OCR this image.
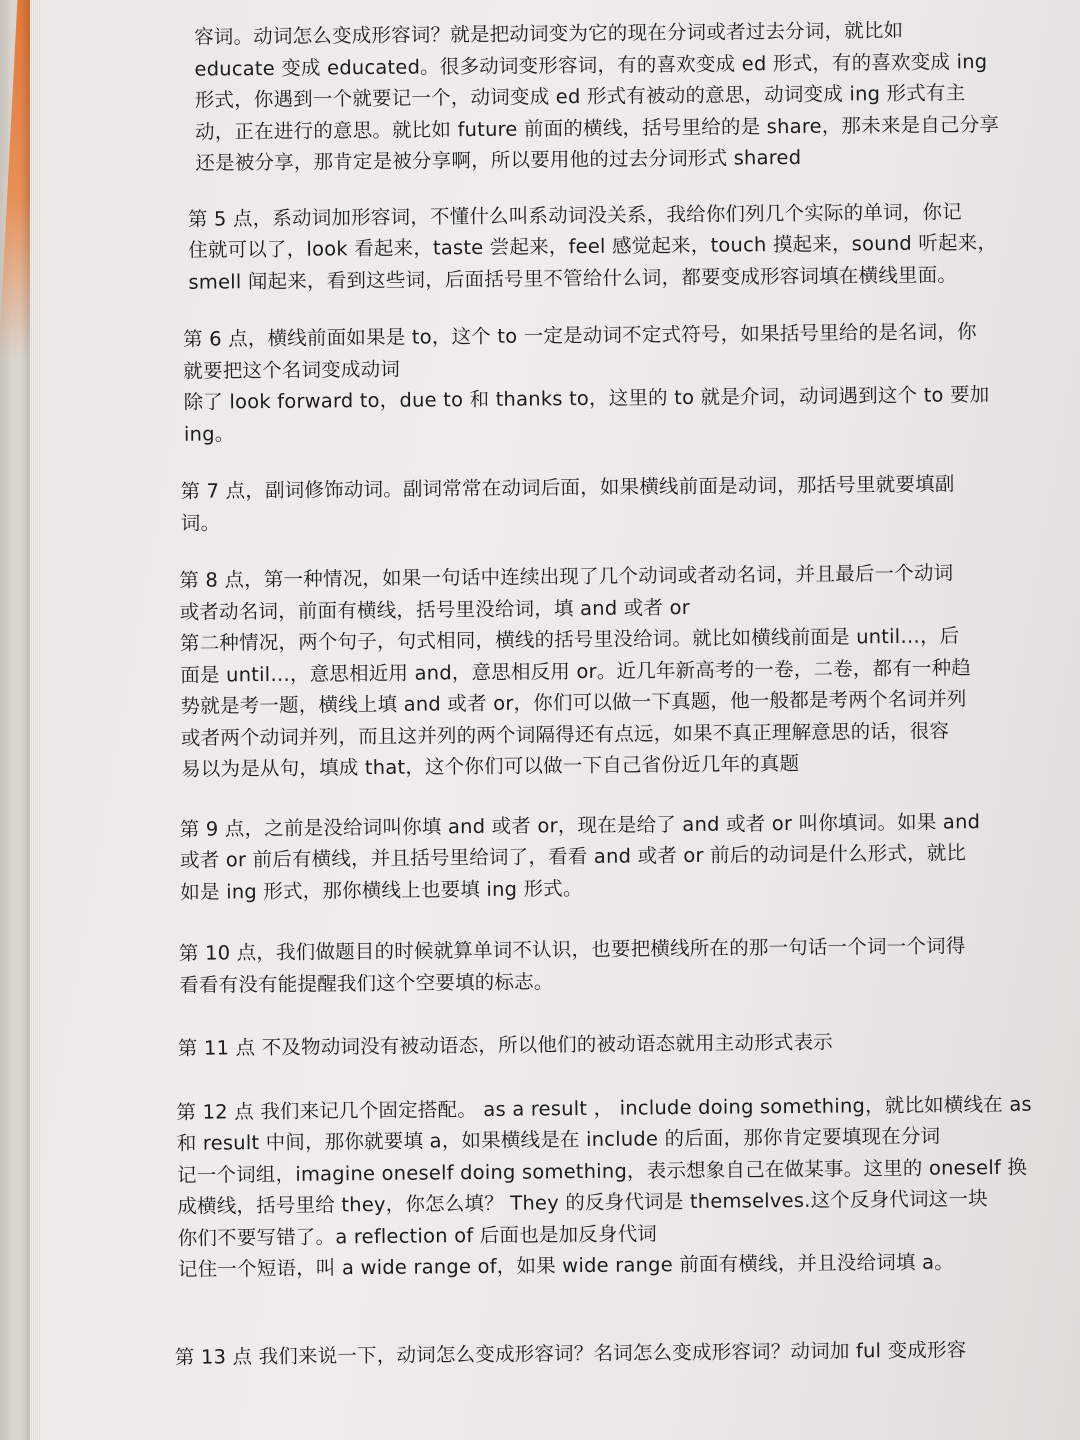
容词。动词怎么变成形容词？就是把动词变为它的现在分词或者过去分词，就比如
educate 变成 educated。很多动词变形容词，有的喜欢变成 ed 形式，有的喜欢变成 ing
形式，你遇到一个就要记一个，动词变成 ed 形式有被动的意思，动词变成 ing 形式有主
动，正在进行的意思。就比如 future 前面的横线，括号里给的是 share，那未来是自己分享
还是被分享，那肯定是被分享啊，所以要用他的过去分词形式 shared
第 5 点，系动词加形容词，不懂什么叫系动词没关系，我给你们列几个实际的单词，你记
住就可以了，look 看起来，taste 尝起来，feel 感觉起来，touch 摸起来，sound 听起来，
smell 闻起来，看到这些词，后面括号里不管给什么词，都要变成形容词填在横线里面。
第 6 点，横线前面如果是 to，这个 to 一定是动词不定式符号，如果括号里给的是名词，你
就要把这个名词变成动词
除了 look forward to，due to 和 thanks to，这里的 to 就是介词，动词遇到这个 to 要加
ing。
第 7 点，副词修饰动词。副词常常在动词后面，如果横线前面是动词，那括号里就要填副
词。
第 8 点，第一种情况，如果一句话中连续出现了几个动词或者动名词，并且最后一个动词
或者动名词，前面有横线，括号里没给词，填 and 或者 or
第二种情况，两个句子，句式相同，横线的括号里没给词。就比如横线前面是 until…，后
面是 until…，意思相近用 and，意思相反用 or。近几年新高考的一卷，二卷，都有一种趋
势就是考一题，横线上填 and 或者 or，你们可以做一下真题，他一般都是考两个名词并列
或者两个动词并列，而且这并列的两个词隔得还有点远，如果不真正理解意思的话，很容
易以为是从句，填成 that，这个你们可以做一下自己省份近几年的真题
第 9 点，之前是没给词叫你填 and 或者 or，现在是给了 and 或者 or 叫你填词。如果 and
或者 or 前后有横线，并且括号里给词了，看看 and 或者 or 前后的动词是什么形式，就比
如是 ing 形式，那你横线上也要填 ing 形式。
第 10 点，我们做题目的时候就算单词不认识，也要把横线所在的那一句话一个词一个词得
看看有没有能提醒我们这个空要填的标志。
第 11 点 不及物动词没有被动语态，所以他们的被动语态就用主动形式表示
第 12 点 我们来记几个固定搭配。 as a result ， include doing something，就比如横线在 as
和 result 中间，那你就要填 a，如果横线是在 include 的后面，那你肯定要填现在分词
记一个词组，imagine oneself doing something，表示想象自己在做某事。这里的 oneself 换
成横线，括号里给 they，你怎么填？ They 的反身代词是 themselves.这个反身代词这一块
你们不要写错了。a reflection of 后面也是加反身代词
记住一个短语，叫 a wide range of，如果 wide range 前面有横线，并且没给词填 a。
第 13 点 我们来说一下，动词怎么变成形容词？名词怎么变成形容词？动词加 ful 变成形容
